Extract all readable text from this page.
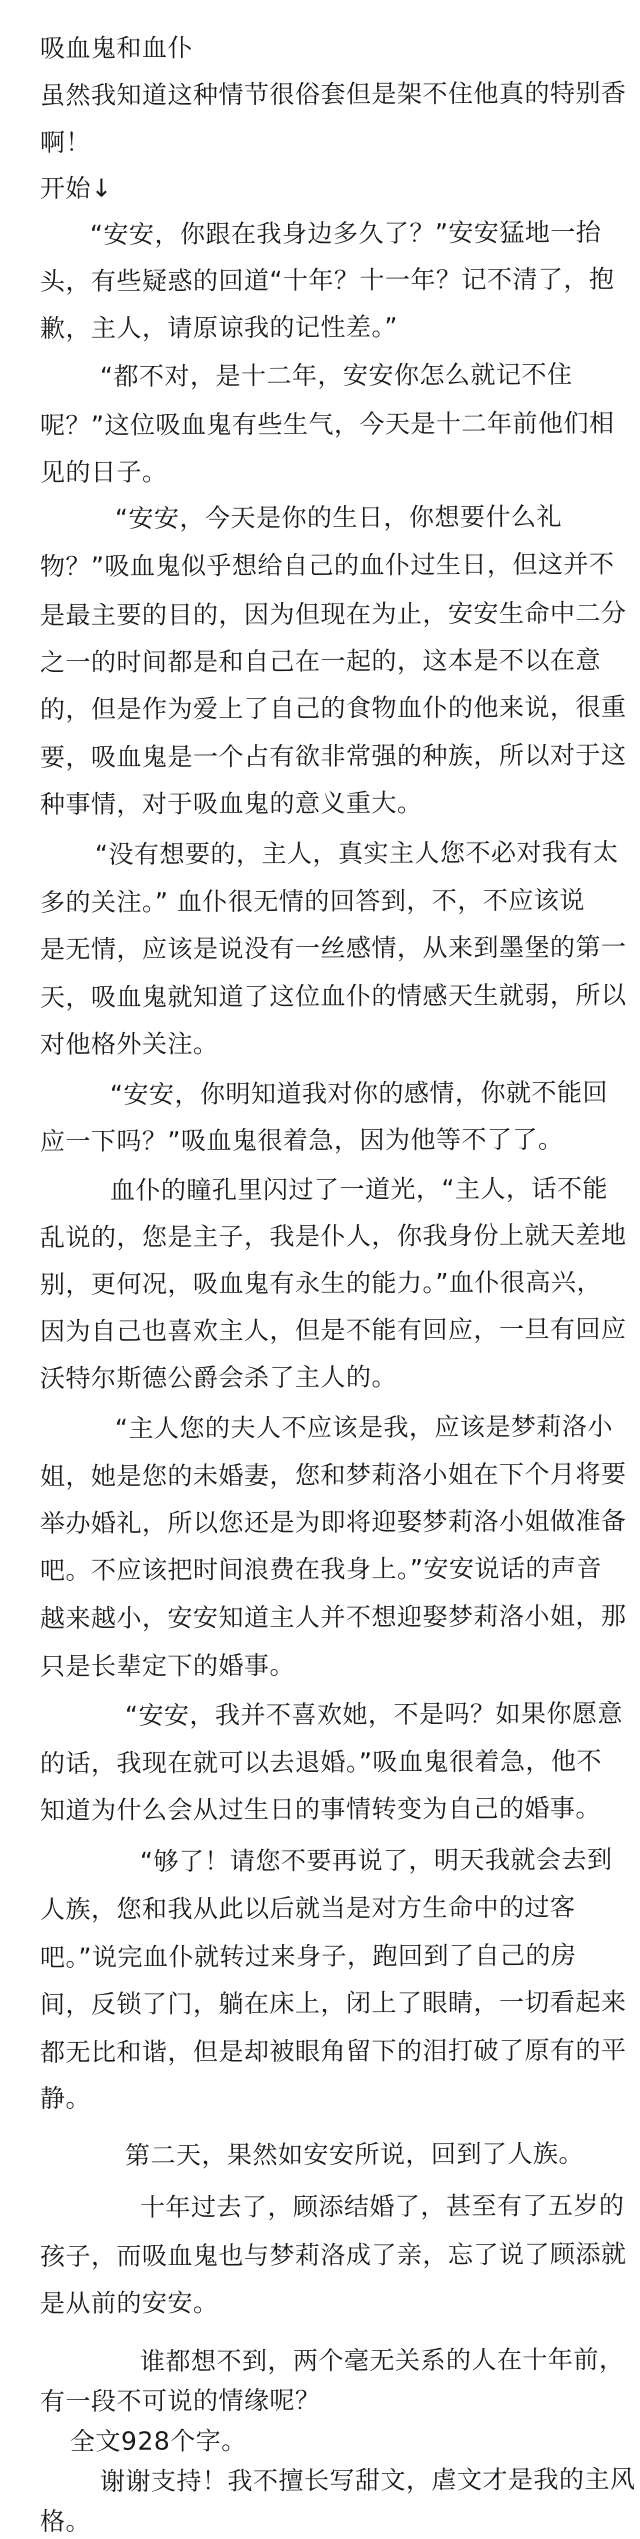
吸血鬼和血仆
虽然我知道这种情节很俗套但是架不住他真的特别香
啊！
开始↓
“安安，你跟在我身边多久了？”安安猛地一抬
头，有些疑惑的回道“十年？十一年？记不清了，抱
歉，主人，请原谅我的记性差。”
“都不对，是十二年，安安你怎么就记不住
呢？”这位吸血鬼有些生气，今天是十二年前他们相
见的日子。
“安安，今天是你的生日，你想要什么礼
物？”吸血鬼似乎想给自己的血仆过生日，但这并不
是最主要的目的，因为但现在为止，安安生命中二分
之一的时间都是和自己在一起的，这本是不以在意
的，但是作为爱上了自己的食物血仆的他来说，很重
要，吸血鬼是一个占有欲非常强的种族，所以对于这
种事情，对于吸血鬼的意义重大。
“没有想要的，主人，真实主人您不必对我有太
多的关注。” 血仆很无情的回答到，不，不应该说
是无情，应该是说没有一丝感情，从来到墨堡的第一
天，吸血鬼就知道了这位血仆的情感天生就弱，所以
对他格外关注。
“安安，你明知道我对你的感情，你就不能回
应一下吗？”吸血鬼很着急，因为他等不了了。
血仆的瞳孔里闪过了一道光，“主人，话不能
乱说的，您是主子，我是仆人，你我身份上就天差地
别，更何况，吸血鬼有永生的能力。”血仆很高兴，
因为自己也喜欢主人，但是不能有回应，一旦有回应
沃特尔斯德公爵会杀了主人的。
“主人您的夫人不应该是我，应该是梦莉洛小
姐，她是您的未婚妻，您和梦莉洛小姐在下个月将要
举办婚礼，所以您还是为即将迎娶梦莉洛小姐做准备
吧。不应该把时间浪费在我身上。”安安说话的声音
越来越小，安安知道主人并不想迎娶梦莉洛小姐，那
只是长辈定下的婚事。
“安安，我并不喜欢她，不是吗？如果你愿意
的话，我现在就可以去退婚。”吸血鬼很着急，他不
知道为什么会从过生日的事情转变为自己的婚事。
“够了！请您不要再说了，明天我就会去到
人族，您和我从此以后就当是对方生命中的过客
吧。”说完血仆就转过来身子，跑回到了自己的房
间，反锁了门，躺在床上，闭上了眼睛，一切看起来
都无比和谐，但是却被眼角留下的泪打破了原有的平
静。
第二天，果然如安安所说，回到了人族。
十年过去了，顾添结婚了，甚至有了五岁的
孩子，而吸血鬼也与梦莉洛成了亲，忘了说了顾添就
是从前的安安。
谁都想不到，两个毫无关系的人在十年前，
有一段不可说的情缘呢？
全文928个字。
谢谢支持！我不擅长写甜文，虐文才是我的主风
格。
